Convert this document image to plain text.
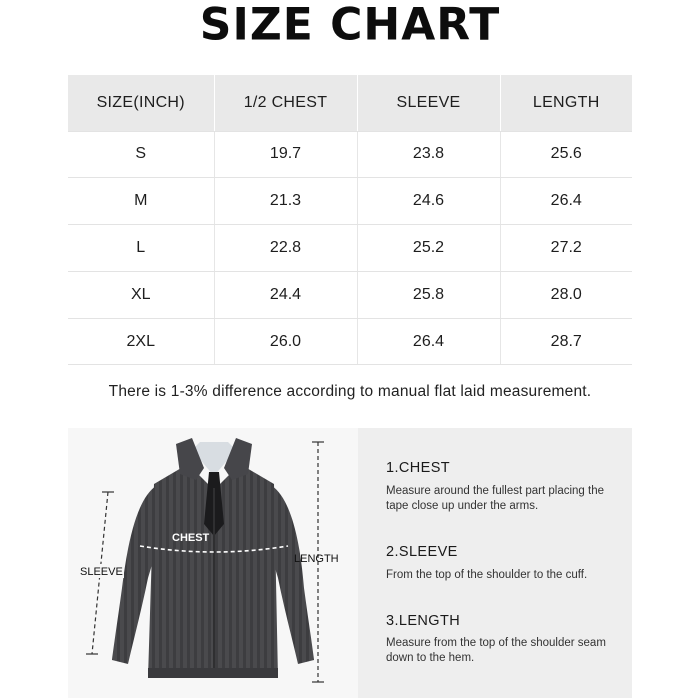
SIZE CHART
SIZE(INCH)	1/2 CHEST	SLEEVE	LENGTH
S	19.7	23.8	25.6
M	21.3	24.6	26.4
L	22.8	25.2	27.2
XL	24.4	25.8	28.0
2XL	26.0	26.4	28.7
There is 1-3% difference according to manual flat laid measurement.
CHEST
SLEEVE
LENGTH
1.CHEST
Measure around the fullest part placing the tape close up under the arms.
2.SLEEVE
From the top of the shoulder to the cuff.
3.LENGTH
Measure from the top of the shoulder seam down to the hem.
